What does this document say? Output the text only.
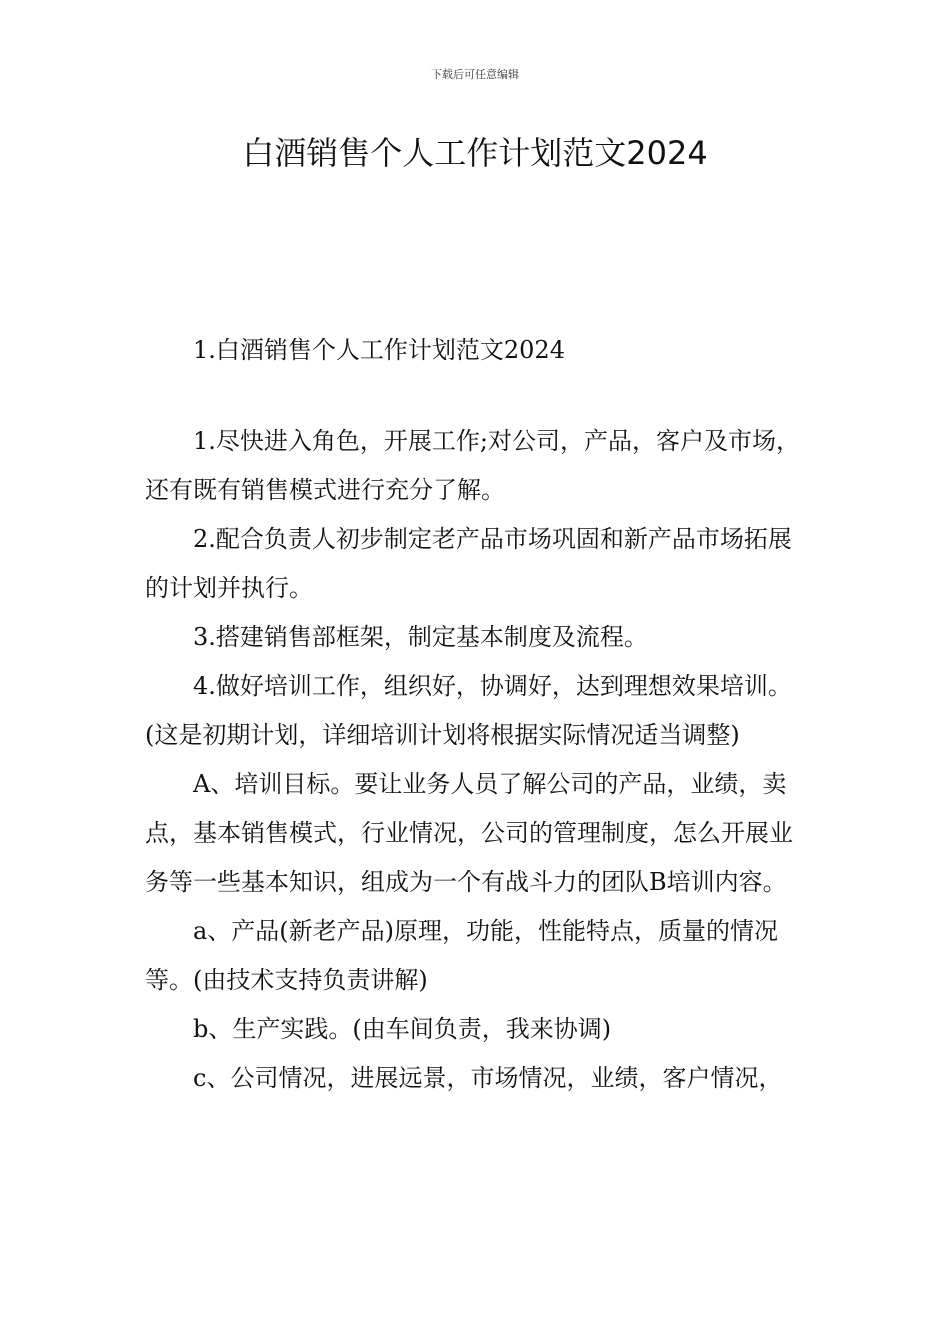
下载后可任意编辑
白酒销售个人工作计划范文2024

1.白酒销售个人工作计划范文2024

1.尽快进入角色，开展工作;对公司，产品，客户及市场，还有既有销售模式进行充分了解。

2.配合负责人初步制定老产品市场巩固和新产品市场拓展的计划并执行。

3.搭建销售部框架，制定基本制度及流程。

4.做好培训工作，组织好，协调好，达到理想效果培训。(这是初期计划，详细培训计划将根据实际情况适当调整)

A、培训目标。要让业务人员了解公司的产品，业绩，卖点，基本销售模式，行业情况，公司的管理制度，怎么开展业务等一些基本知识，组成为一个有战斗力的团队B培训内容。

a、产品(新老产品)原理，功能，性能特点，质量的情况等。(由技术支持负责讲解)

b、生产实践。(由车间负责，我来协调)

c、公司情况，进展远景，市场情况，业绩，客户情况，
